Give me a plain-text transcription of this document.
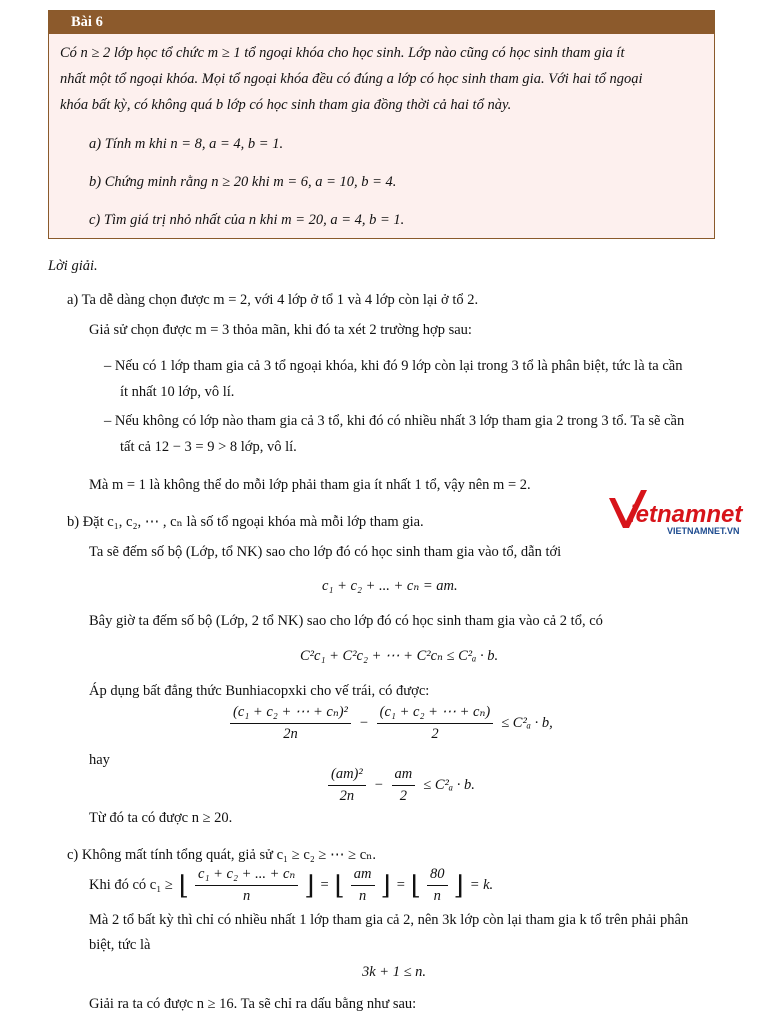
Bài 6
Có n ≥ 2 lớp học tổ chức m ≥ 1 tổ ngoại khóa cho học sinh. Lớp nào cũng có học sinh tham gia ít
nhất một tổ ngoại khóa. Mọi tổ ngoại khóa đều có đúng a lớp có học sinh tham gia. Với hai tổ ngoại
khóa bất kỳ, có không quá b lớp có học sinh tham gia đồng thời cả hai tổ này.
a) Tính m khi n = 8, a = 4, b = 1.
b) Chứng minh rằng n ≥ 20 khi m = 6, a = 10, b = 4.
c) Tìm giá trị nhỏ nhất của n khi m = 20, a = 4, b = 1.
Lời giải.
a) Ta dễ dàng chọn được m = 2, với 4 lớp ở tổ 1 và 4 lớp còn lại ở tổ 2.
Giả sử chọn được m = 3 thỏa mãn, khi đó ta xét 2 trường hợp sau:
– Nếu có 1 lớp tham gia cả 3 tổ ngoại khóa, khi đó 9 lớp còn lại trong 3 tổ là phân biệt, tức là ta cần
ít nhất 10 lớp, vô lí.
– Nếu không có lớp nào tham gia cả 3 tổ, khi đó có nhiều nhất 3 lớp tham gia 2 trong 3 tổ. Ta sẽ cần
tất cả 12 − 3 = 9 > 8 lớp, vô lí.
Mà m = 1 là không thể do mỗi lớp phải tham gia ít nhất 1 tổ, vậy nên m = 2.
b) Đặt c₁, c₂, ⋯ , cₙ là số tổ ngoại khóa mà mỗi lớp tham gia.
Ta sẽ đếm số bộ (Lớp, tổ NK) sao cho lớp đó có học sinh tham gia vào tổ, dẫn tới
c₁ + c₂ + ... + cₙ = am.
Bây giờ ta đếm số bộ (Lớp, 2 tổ NK) sao cho lớp đó có học sinh tham gia vào cả 2 tổ, có
C²c₁ + C²c₂ + ⋯ + C²cₙ ≤ C²ₐ · b.
Áp dụng bất đẳng thức Bunhiacopxki cho vế trái, có được:
$\frac{\text{(c₁ + c₂ + ⋯ + cₙ)²}}{2n} - \frac{\text{(c₁ + c₂ + ⋯ + cₙ)}}{2} \le C^2_a \cdot b$,
hay
$\frac{\text{(am)²}}{2n} - \frac{am}{2} \le C^2_a \cdot b$.
Từ đó ta có được n ≥ 20.
c) Không mất tính tổng quát, giả sử c₁ ≥ c₂ ≥ ⋯ ≥ cₙ.
Khi đó có c₁ ≥ ⌊ $\frac{\text{c₁ + c₂ + ... + cₙ}}{n}$ ⌋ = ⌊ $\frac{am}{n}$ ⌋ = ⌊ $\frac{80}{n}$ ⌋ = k.
Mà 2 tổ bất kỳ thì chỉ có nhiều nhất 1 lớp tham gia cả 2, nên 3k lớp còn lại tham gia k tổ trên phải phân
biệt, tức là
3k + 1 ≤ n.
Giải ra ta có được n ≥ 16. Ta sẽ chỉ ra dấu bằng như sau:
ietnamnet
VIETNAMNET.VN
